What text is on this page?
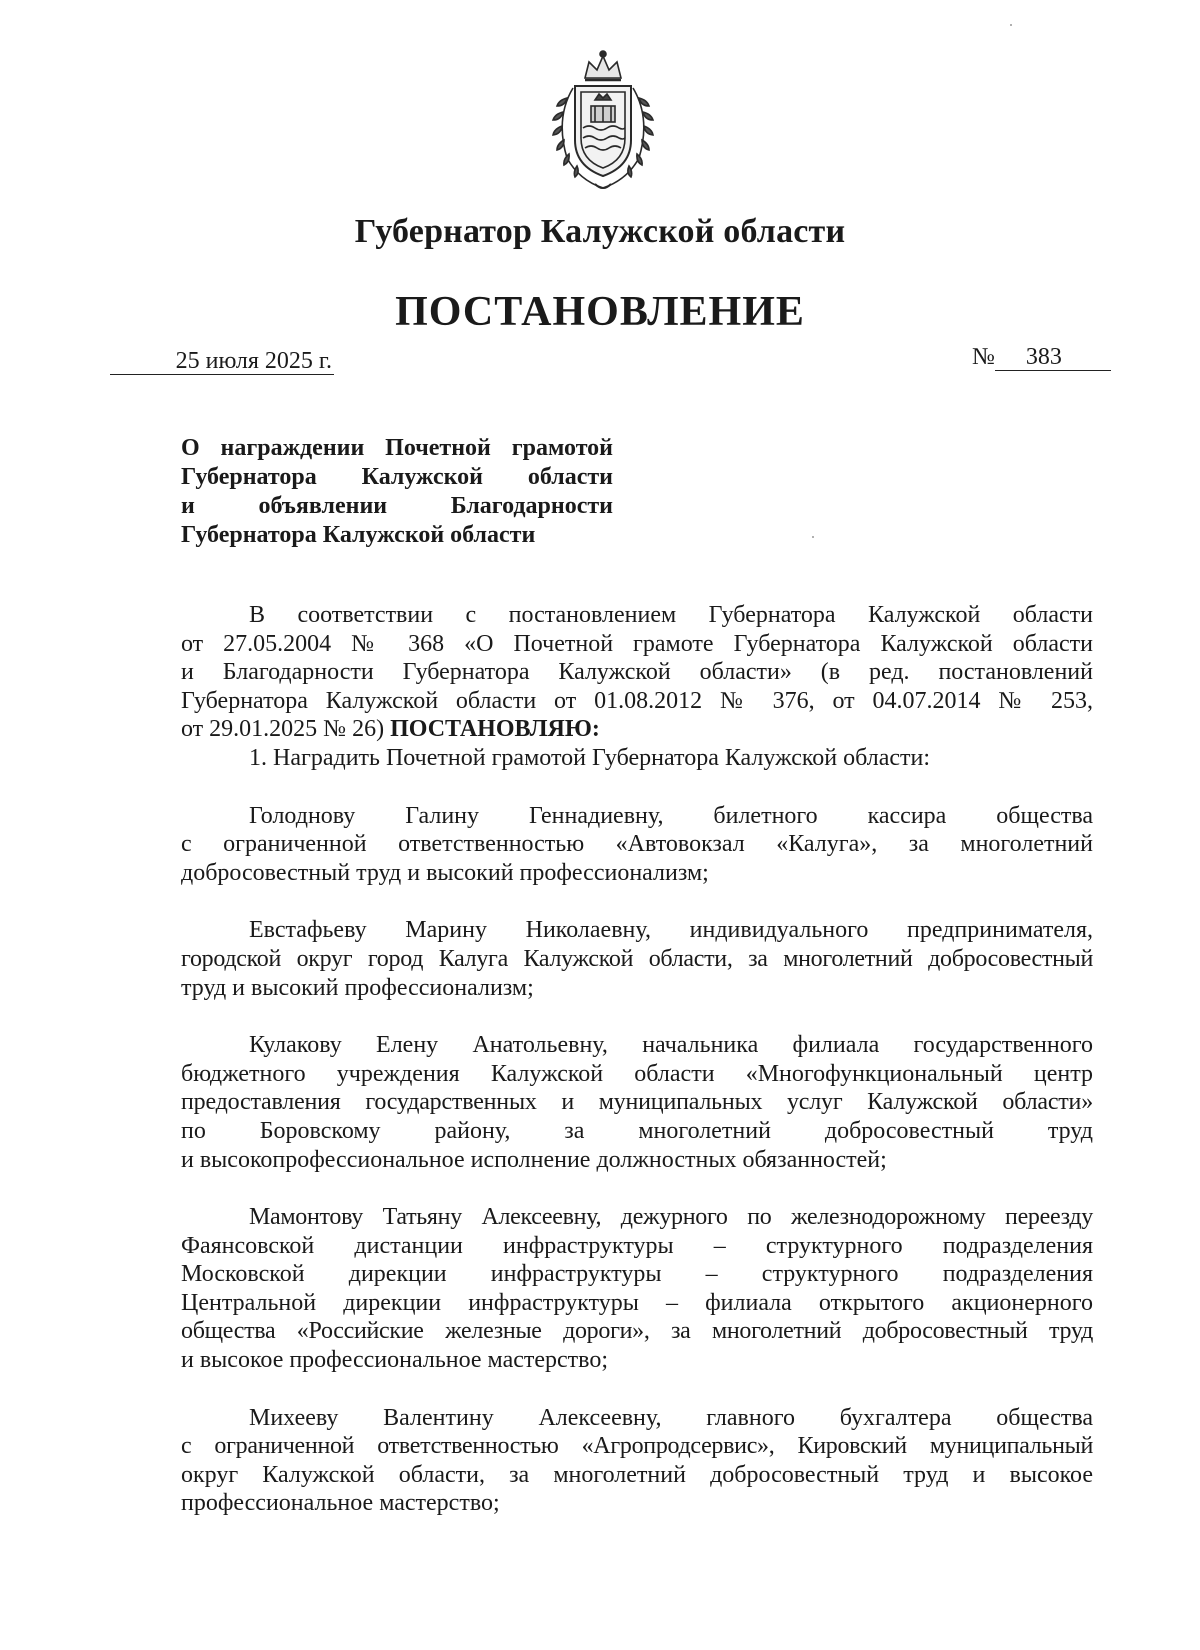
Губернатор Калужской области
ПОСТАНОВЛЕНИЕ
25 июля 2025 г.	№ 383
О награждении Почетной грамотой
Губернатора Калужской области
и объявлении Благодарности
Губернатора Калужской области
В соответствии с постановлением Губернатора Калужской области
от 27.05.2004 № 368 «О Почетной грамоте Губернатора Калужской области
и Благодарности Губернатора Калужской области» (в ред. постановлений
Губернатора Калужской области от 01.08.2012 № 376, от 04.07.2014 № 253,
от 29.01.2025 № 26) ПОСТАНОВЛЯЮ:
1. Наградить Почетной грамотой Губернатора Калужской области:
Голоднову Галину Геннадиевну, билетного кассира общества
с ограниченной ответственностью «Автовокзал «Калуга», за многолетний
добросовестный труд и высокий профессионализм;
Евстафьеву Марину Николаевну, индивидуального предпринимателя,
городской округ город Калуга Калужской области, за многолетний добросовестный
труд и высокий профессионализм;
Кулакову Елену Анатольевну, начальника филиала государственного
бюджетного учреждения Калужской области «Многофункциональный центр
предоставления государственных и муниципальных услуг Калужской области»
по Боровскому району, за многолетний добросовестный труд
и высокопрофессиональное исполнение должностных обязанностей;
Мамонтову Татьяну Алексеевну, дежурного по железнодорожному переезду
Фаянсовской дистанции инфраструктуры – структурного подразделения
Московской дирекции инфраструктуры – структурного подразделения
Центральной дирекции инфраструктуры – филиала открытого акционерного
общества «Российские железные дороги», за многолетний добросовестный труд
и высокое профессиональное мастерство;
Михееву Валентину Алексеевну, главного бухгалтера общества
с ограниченной ответственностью «Агропродсервис», Кировский муниципальный
округ Калужской области, за многолетний добросовестный труд и высокое
профессиональное мастерство;
